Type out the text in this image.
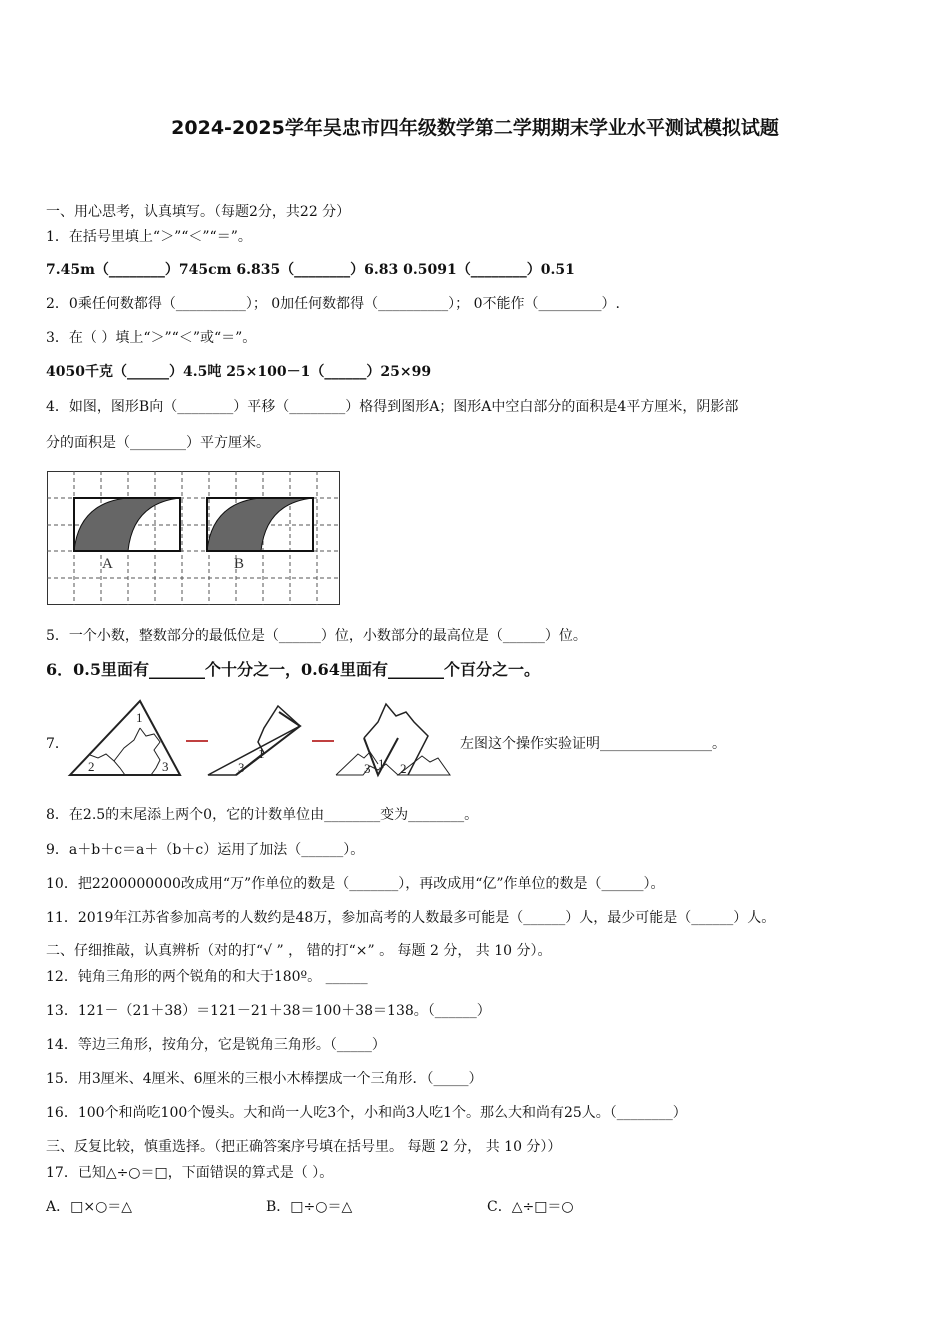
2024-2025学年吴忠市四年级数学第二学期期末学业水平测试模拟试题
一、用心思考，认真填写。（每题2分，共22 分）
1．在括号里填上“＞”“＜”“＝”。
7.45m（________）745cm 6.835（________）6.83 0.5091（________）0.51
2．0乘任何数都得（__________）； 0加任何数都得（__________）； 0不能作（_________）.
3．在（ ）填上“＞”“＜”或“＝”。
4050千克（______）4.5吨 25×100－1（______）25×99
4．如图，图形B向（________）平移（________）格得到图形A；图形A中空白部分的面积是4平方厘米，阴影部
分的面积是（________）平方厘米。
A	B
5．一个小数，整数部分的最低位是（______）位，小数部分的最高位是（______）位。
6．0.5里面有_______个十分之一，0.64里面有_______个百分之一。
7．
1
2	3	3
1
3 1 2
左图这个操作实验证明________________。
8．在2.5的末尾添上两个0，它的计数单位由________变为________。
9．a＋b＋c＝a＋（b＋c）运用了加法（______）。
10．把2200000000改成用“万”作单位的数是（_______），再改成用“亿”作单位的数是（______）。
11．2019年江苏省参加高考的人数约是48万，参加高考的人数最多可能是（______）人，最少可能是（______）人。
二、仔细推敲，认真辨析（对的打“√ ” ， 错的打“×” 。 每题 2 分， 共 10 分）。
12．钝角三角形的两个锐角的和大于180º。 ______
13．121－（21＋38）＝121－21＋38＝100＋38＝138。（______）
14．等边三角形，按角分，它是锐角三角形。（_____）
15．用3厘米、4厘米、6厘米的三根小木棒摆成一个三角形．（_____）
16．100个和尚吃100个馒头。大和尚一人吃3个，小和尚3人吃1个。那么大和尚有25人。（________）
三、反复比较，慎重选择。（把正确答案序号填在括号里。 每题 2 分， 共 10 分））
17．已知△÷○＝□，下面错误的算式是（ ）。
A．□×○＝△	B．□÷○＝△	C．△÷□＝○
